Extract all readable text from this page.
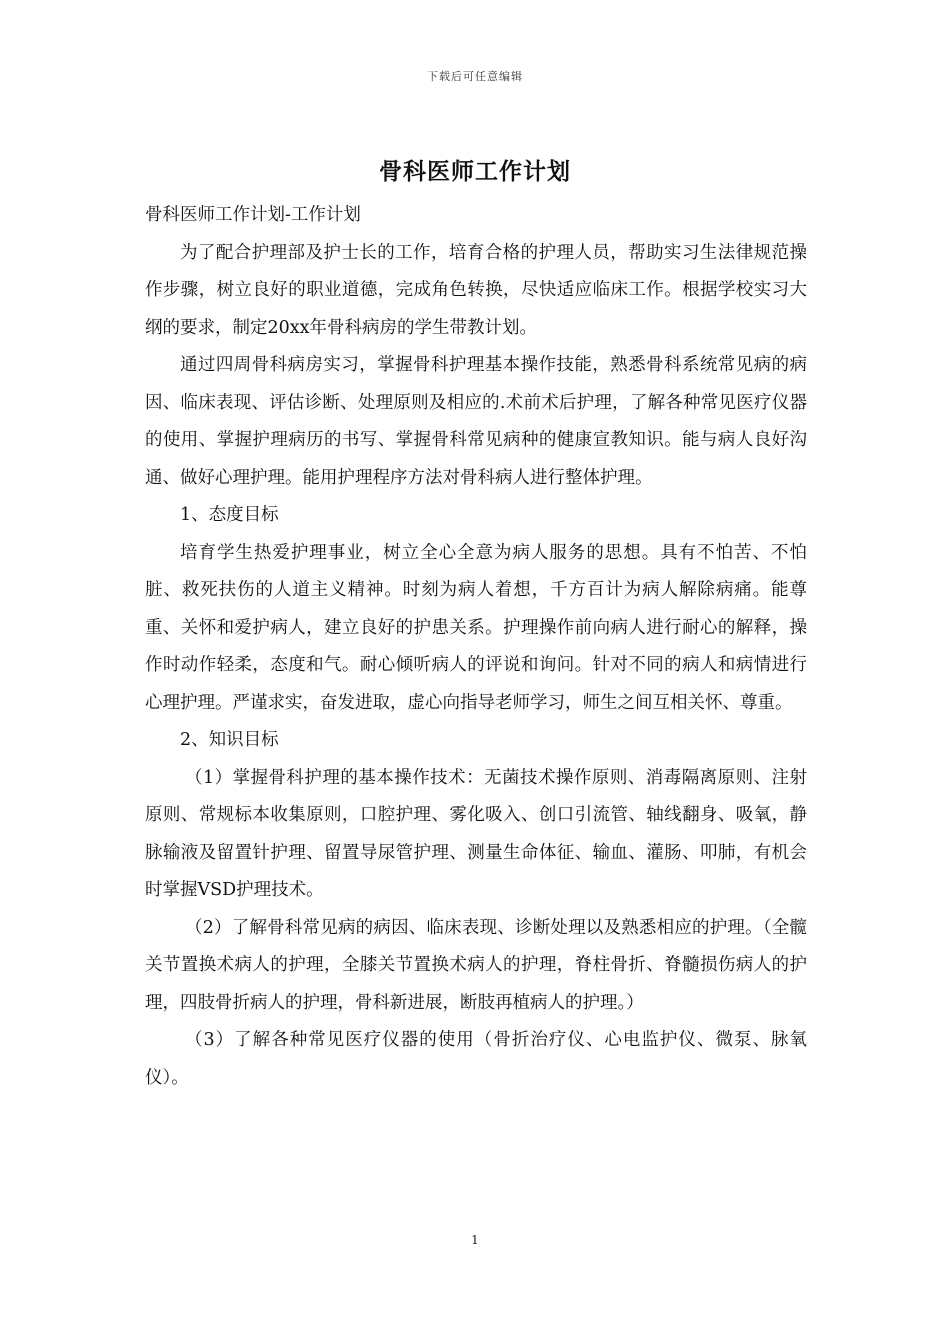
下载后可任意编辑
骨科医师工作计划

骨科医师工作计划-工作计划

为了配合护理部及护士长的工作，培育合格的护理人员，帮助实习生法律规范操作步骤，树立良好的职业道德，完成角色转换，尽快适应临床工作。根据学校实习大纲的要求，制定20xx年骨科病房的学生带教计划。

通过四周骨科病房实习，掌握骨科护理基本操作技能，熟悉骨科系统常见病的病因、临床表现、评估诊断、处理原则及相应的.术前术后护理，了解各种常见医疗仪器的使用、掌握护理病历的书写、掌握骨科常见病种的健康宣教知识。能与病人良好沟通、做好心理护理。能用护理程序方法对骨科病人进行整体护理。

1、态度目标

培育学生热爱护理事业，树立全心全意为病人服务的思想。具有不怕苦、不怕脏、救死扶伤的人道主义精神。时刻为病人着想，千方百计为病人解除病痛。能尊重、关怀和爱护病人，建立良好的护患关系。护理操作前向病人进行耐心的解释，操作时动作轻柔，态度和气。耐心倾听病人的评说和询问。针对不同的病人和病情进行心理护理。严谨求实，奋发进取，虚心向指导老师学习，师生之间互相关怀、尊重。

2、知识目标

（1）掌握骨科护理的基本操作技术：无菌技术操作原则、消毒隔离原则、注射原则、常规标本收集原则，口腔护理、雾化吸入、创口引流管、轴线翻身、吸氧，静脉输液及留置针护理、留置导尿管护理、测量生命体征、输血、灌肠、叩肺，有机会时掌握VSD护理技术。

（2）了解骨科常见病的病因、临床表现、诊断处理以及熟悉相应的护理。（全髋关节置换术病人的护理，全膝关节置换术病人的护理，脊柱骨折、脊髓损伤病人的护理，四肢骨折病人的护理，骨科新进展，断肢再植病人的护理。）

（3）了解各种常见医疗仪器的使用（骨折治疗仪、心电监护仪、微泵、脉氧仪）。

1
